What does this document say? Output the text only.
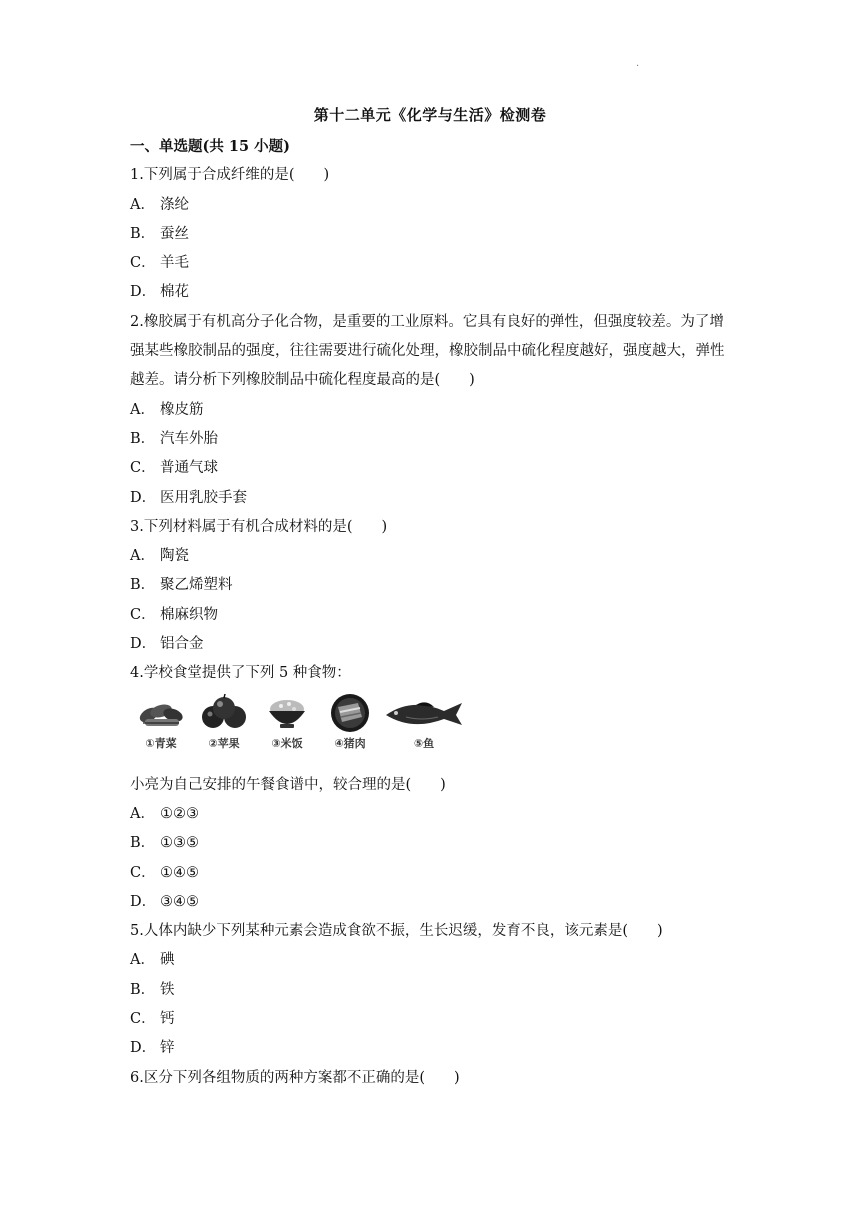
.
第十二单元《化学与生活》检测卷
一、单选题(共 15 小题)
1.下列属于合成纤维的是(　　)
A． 涤纶
B． 蚕丝
C． 羊毛
D． 棉花
2.橡胶属于有机高分子化合物，是重要的工业原料。它具有良好的弹性，但强度较差。为了增强某些橡胶制品的强度，往往需要进行硫化处理，橡胶制品中硫化程度越好，强度越大，弹性越差。请分析下列橡胶制品中硫化程度最高的是(　　)
A． 橡皮筋
B． 汽车外胎
C． 普通气球
D． 医用乳胶手套
3.下列材料属于有机合成材料的是(　　)
A． 陶瓷
B． 聚乙烯塑料
C． 棉麻织物
D． 铝合金
4.学校食堂提供了下列 5 种食物：
①青菜	②苹果	③米饭	④猪肉	⑤鱼
小亮为自己安排的午餐食谱中，较合理的是(　　)
A． ①②③
B． ①③⑤
C． ①④⑤
D． ③④⑤
5.人体内缺少下列某种元素会造成食欲不振，生长迟缓，发育不良，该元素是(　　)
A． 碘
B． 铁
C． 钙
D． 锌
6.区分下列各组物质的两种方案都不正确的是(　　)
